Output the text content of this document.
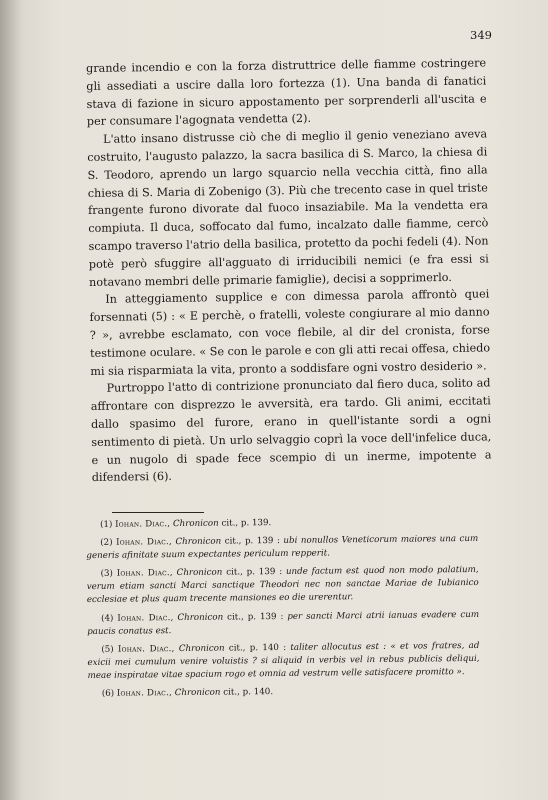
349

grande incendio e con la forza distruttrice delle fiamme costringere gli assediati a uscire dalla loro fortezza (1). Una banda di fanatici stava di fazione in sicuro appostamento per sorprenderli all'uscita e per consumare l'agognata vendetta (2).

L'atto insano distrusse ciò che di meglio il genio veneziano aveva costruito, l'augusto palazzo, la sacra basilica di S. Marco, la chiesa di S. Teodoro, aprendo un largo squarcio nella vecchia città, fino alla chiesa di S. Maria di Zobenigo (3). Più che trecento case in quel triste frangente furono divorate dal fuoco insaziabile. Ma la vendetta era compiuta. Il duca, soffocato dal fumo, incalzato dalle fiamme, cercò scampo traverso l'atrio della basilica, protetto da pochi fedeli (4). Non potè però sfuggire all'agguato di irriducibili nemici (e fra essi si notavano membri delle primarie famiglie), decisi a sopprimerlo.

In atteggiamento supplice e con dimessa parola affrontò quei forsennati (5) : « E perchè, o fratelli, voleste congiurare al mio danno ? », avrebbe esclamato, con voce flebile, al dir del cronista, forse testimone oculare. « Se con le parole e con gli atti recai offesa, chiedo mi sia risparmiata la vita, pronto a soddisfare ogni vostro desiderio ».

Purtroppo l'atto di contrizione pronunciato dal fiero duca, solito ad affrontare con disprezzo le avversità, era tardo. Gli animi, eccitati dallo spasimo del furore, erano in quell'istante sordi a ogni sentimento di pietà. Un urlo selvaggio coprì la voce dell'infelice duca, e un nugolo di spade fece scempio di un inerme, impotente a difendersi (6).

(1) Iohan. Diac., Chronicon cit., p. 139.

(2) Iohan. Diac., Chronicon cit., p. 139 : ubi nonullos Veneticorum maiores una cum generis afinitate suum expectantes periculum repperit.

(3) Iohan. Diac., Chronicon cit., p. 139 : unde factum est quod non modo palatium, verum etiam sancti Marci sanctique Theodori nec non sanctae Mariae de Iubianico ecclesiae et plus quam trecente mansiones eo die urerentur.

(4) Iohan. Diac., Chronicon cit., p. 139 : per sancti Marci atrii ianuas evadere cum paucis conatus est.

(5) Iohan. Diac., Chronicon cit., p. 140 : taliter allocutus est : « et vos fratres, ad exicii mei cumulum venire voluistis ? si aliquid in verbis vel in rebus publicis deliqui, meae inspiratae vitae spacium rogo et omnia ad vestrum velle satisfacere promitto ».

(6) Iohan. Diac., Chronicon cit., p. 140.
